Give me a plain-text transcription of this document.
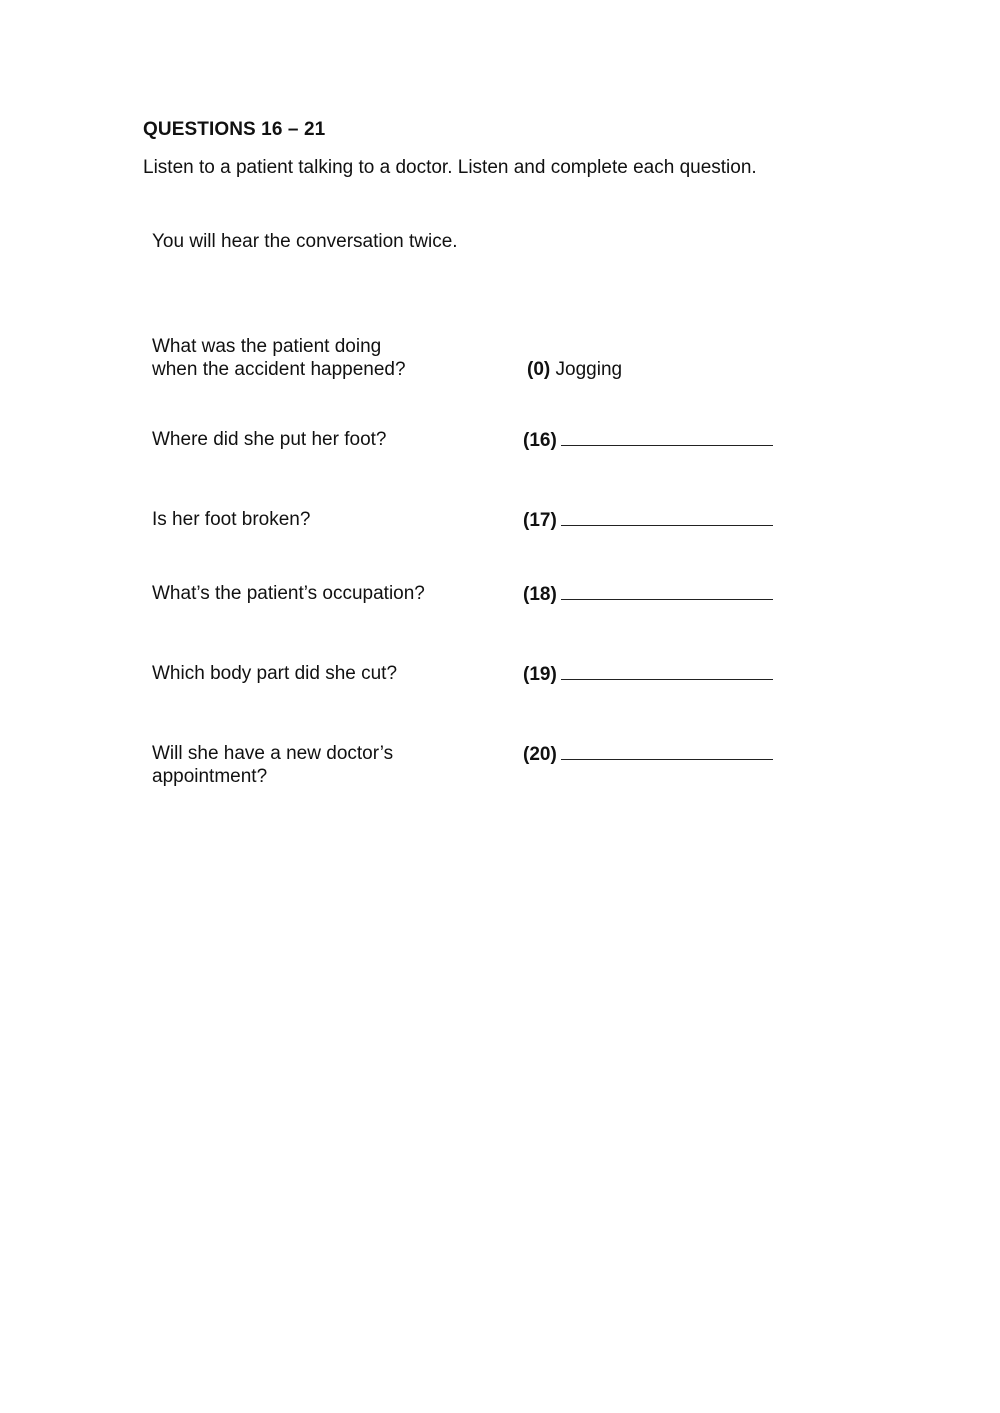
QUESTIONS 16 – 21
Listen to a patient talking to a doctor. Listen and complete each question.
You will hear the conversation twice.
What was the patient doing
when the accident happened?	(0) Jogging
Where did she put her foot?	(16)
Is her foot broken?	(17)
What’s the patient’s occupation?	(18)
Which body part did she cut?	(19)
Will she have a new doctor’s
appointment?
(20)
